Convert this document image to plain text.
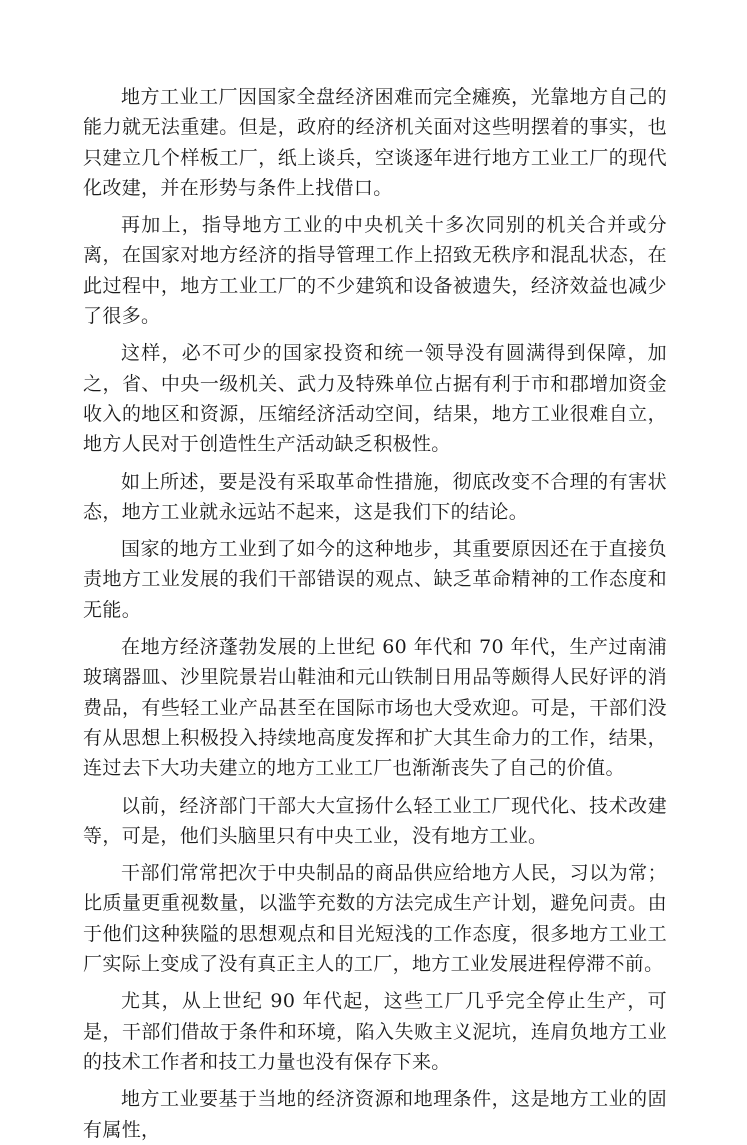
地方工业工厂因国家全盘经济困难而完全瘫痪，光靠地方自己的能力就无法重建。但是，政府的经济机关面对这些明摆着的事实，也只建立几个样板工厂，纸上谈兵，空谈逐年进行地方工业工厂的现代化改建，并在形势与条件上找借口。

再加上，指导地方工业的中央机关十多次同别的机关合并或分离，在国家对地方经济的指导管理工作上招致无秩序和混乱状态，在此过程中，地方工业工厂的不少建筑和设备被遗失，经济效益也减少了很多。

这样，必不可少的国家投资和统一领导没有圆满得到保障，加之，省、中央一级机关、武力及特殊单位占据有利于市和郡增加资金收入的地区和资源，压缩经济活动空间，结果，地方工业很难自立，地方人民对于创造性生产活动缺乏积极性。

如上所述，要是没有采取革命性措施，彻底改变不合理的有害状态，地方工业就永远站不起来，这是我们下的结论。

国家的地方工业到了如今的这种地步，其重要原因还在于直接负责地方工业发展的我们干部错误的观点、缺乏革命精神的工作态度和无能。

在地方经济蓬勃发展的上世纪 60 年代和 70 年代，生产过南浦玻璃器皿、沙里院景岩山鞋油和元山铁制日用品等颇得人民好评的消费品，有些轻工业产品甚至在国际市场也大受欢迎。可是，干部们没有从思想上积极投入持续地高度发挥和扩大其生命力的工作，结果，连过去下大功夫建立的地方工业工厂也渐渐丧失了自己的价值。

以前，经济部门干部大大宣扬什么轻工业工厂现代化、技术改建等，可是，他们头脑里只有中央工业，没有地方工业。

干部们常常把次于中央制品的商品供应给地方人民，习以为常；比质量更重视数量，以滥竽充数的方法完成生产计划，避免问责。由于他们这种狭隘的思想观点和目光短浅的工作态度，很多地方工业工厂实际上变成了没有真正主人的工厂，地方工业发展进程停滞不前。

尤其，从上世纪 90 年代起，这些工厂几乎完全停止生产，可是，干部们借故于条件和环境，陷入失败主义泥坑，连肩负地方工业的技术工作者和技工力量也没有保存下来。

地方工业要基于当地的经济资源和地理条件，这是地方工业的固有属性，
